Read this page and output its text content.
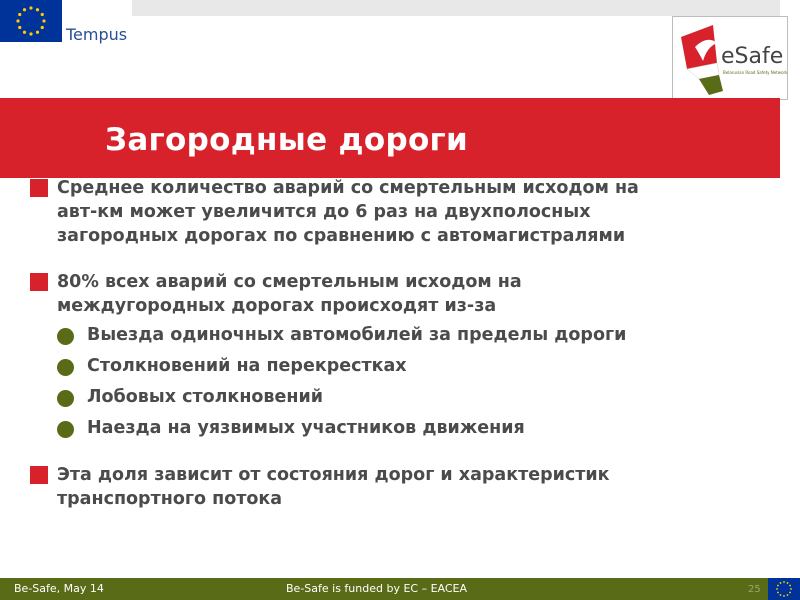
Tempus
eSafe
Belarusian Road Safety Network
Загородные дороги
Среднее количество аварий со смертельным исходом на
авт-км может увеличится до 6 раз на двухполосных
загородных дорогах по сравнению с автомагистралями
80% всех аварий со смертельным исходом на
междугородных дорогах происходят из-за
Выезда одиночных автомобилей за пределы дороги
Столкновений на перекрестках
Лобовых столкновений
Наезда на уязвимых участников движения
Эта доля зависит от состояния дорог и характеристик
транспортного потока
Be-Safe, May 14	Be-Safe is funded by EC – EACEA	25
